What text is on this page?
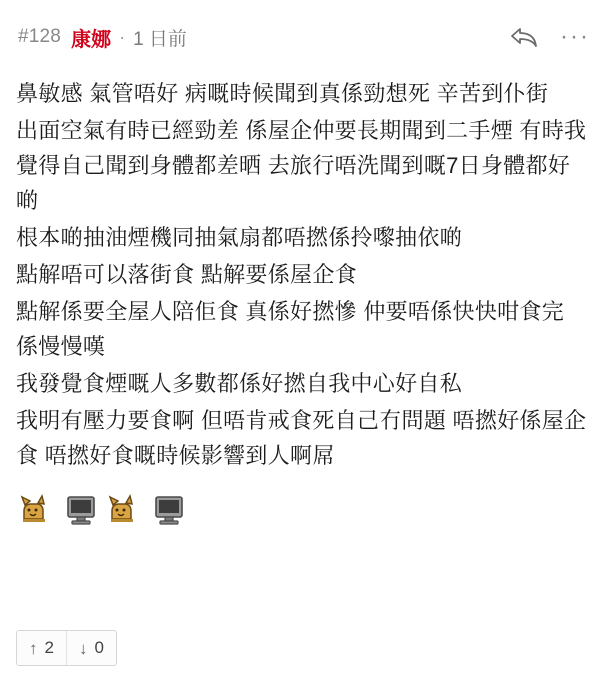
#128 康娜 · 1 日前	···

鼻敏感 氣管唔好 病嘅時候聞到真係勁想死 辛苦到仆街

出面空氣有時已經勁差 係屋企仲要長期聞到二手煙 有時我覺得自己聞到身體都差晒 去旅行唔洗聞到嘅7日身體都好啲

根本啲抽油煙機同抽氣扇都唔撚係拎嚟抽依啲

點解唔可以落街食 點解要係屋企食

點解係要全屋人陪佢食 真係好撚慘 仲要唔係快快咁食完 係慢慢嘆

我發覺食煙嘅人多數都係好撚自我中心好自私

我明有壓力要食啊 但唔肯戒食死自己冇問題 唔撚好係屋企食 唔撚好食嘅時候影響到人啊屌

↑ 2 ↓ 0
